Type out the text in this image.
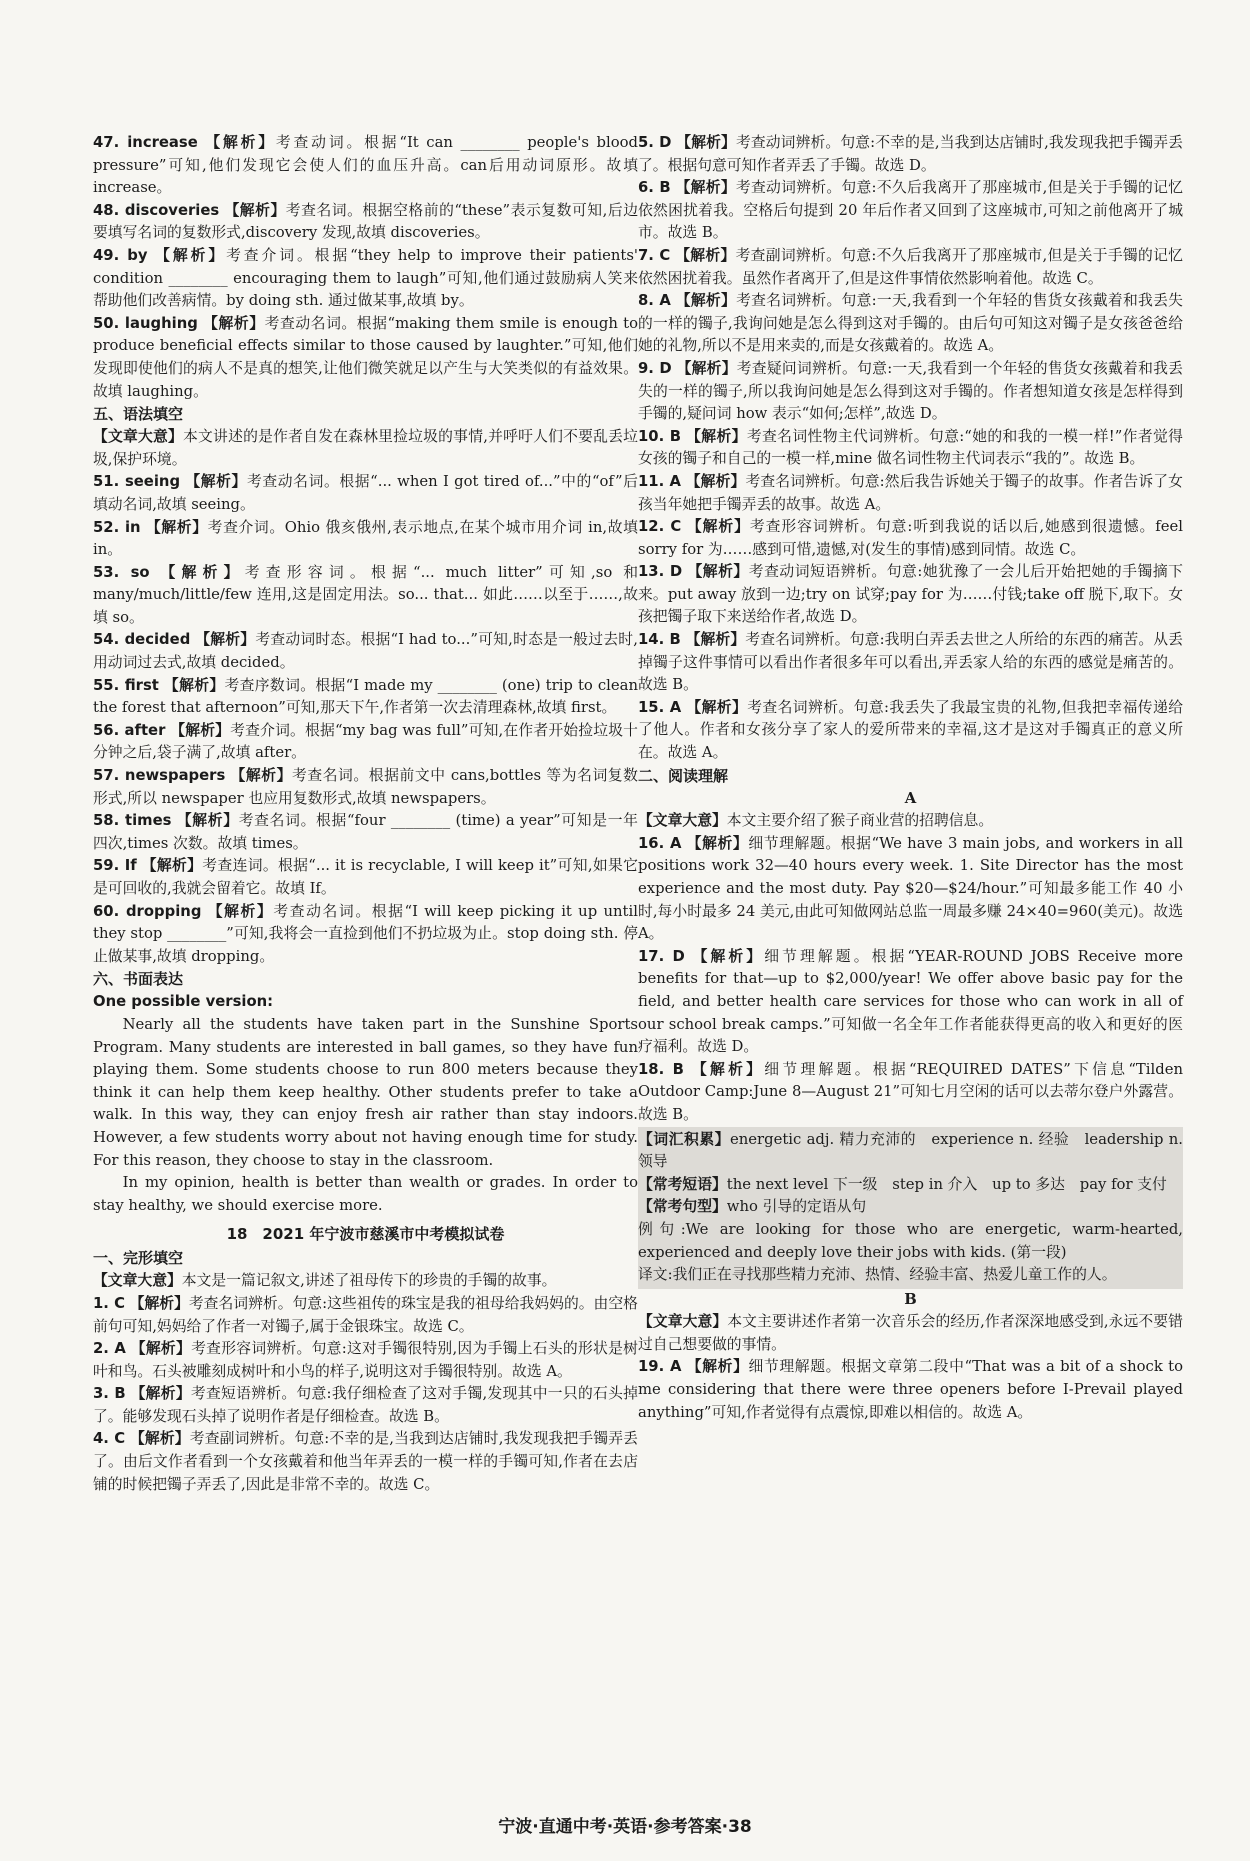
47. increase 【解析】考查动词。根据“It can ________ people's blood pressure”可知,他们发现它会使人们的血压升高。can后用动词原形。故填 increase。

48. discoveries 【解析】考查名词。根据空格前的“these”表示复数可知,后边要填写名词的复数形式,discovery 发现,故填 discoveries。

49. by 【解析】考查介词。根据“they help to improve their patients' condition ________ encouraging them to laugh”可知,他们通过鼓励病人笑来帮助他们改善病情。by doing sth. 通过做某事,故填 by。

50. laughing 【解析】考查动名词。根据“making them smile is enough to produce beneficial effects similar to those caused by laughter.”可知,他们发现即使他们的病人不是真的想笑,让他们微笑就足以产生与大笑类似的有益效果。故填 laughing。

五、语法填空

【文章大意】本文讲述的是作者自发在森林里捡垃圾的事情,并呼吁人们不要乱丢垃圾,保护环境。

51. seeing 【解析】考查动名词。根据“... when I got tired of...”中的“of”后填动名词,故填 seeing。

52. in 【解析】考查介词。Ohio 俄亥俄州,表示地点,在某个城市用介词 in,故填 in。

53. so 【解析】考查形容词。根据“... much litter”可知,so 和 many/much/little/few 连用,这是固定用法。so... that... 如此……以至于……,故填 so。

54. decided 【解析】考查动词时态。根据“I had to...”可知,时态是一般过去时,用动词过去式,故填 decided。

55. first 【解析】考查序数词。根据“I made my ________ (one) trip to clean the forest that afternoon”可知,那天下午,作者第一次去清理森林,故填 first。

56. after 【解析】考查介词。根据“my bag was full”可知,在作者开始捡垃圾十分钟之后,袋子满了,故填 after。

57. newspapers 【解析】考查名词。根据前文中 cans,bottles 等为名词复数形式,所以 newspaper 也应用复数形式,故填 newspapers。

58. times 【解析】考查名词。根据“four ________ (time) a year”可知是一年四次,times 次数。故填 times。

59. If 【解析】考查连词。根据“... it is recyclable, I will keep it”可知,如果它是可回收的,我就会留着它。故填 If。

60. dropping 【解析】考查动名词。根据“I will keep picking it up until they stop ________”可知,我将会一直捡到他们不扔垃圾为止。stop doing sth. 停止做某事,故填 dropping。

六、书面表达

One possible version:

Nearly all the students have taken part in the Sunshine Sports Program. Many students are interested in ball games, so they have fun playing them. Some students choose to run 800 meters because they think it can help them keep healthy. Other students prefer to take a walk. In this way, they can enjoy fresh air rather than stay indoors. However, a few students worry about not having enough time for study. For this reason, they choose to stay in the classroom.

In my opinion, health is better than wealth or grades. In order to stay healthy, we should exercise more.

18　2021 年宁波市慈溪市中考模拟试卷

一、完形填空

【文章大意】本文是一篇记叙文,讲述了祖母传下的珍贵的手镯的故事。

1. C 【解析】考查名词辨析。句意:这些祖传的珠宝是我的祖母给我妈妈的。由空格前句可知,妈妈给了作者一对镯子,属于金银珠宝。故选 C。

2. A 【解析】考查形容词辨析。句意:这对手镯很特别,因为手镯上石头的形状是树叶和鸟。石头被雕刻成树叶和小鸟的样子,说明这对手镯很特别。故选 A。

3. B 【解析】考查短语辨析。句意:我仔细检查了这对手镯,发现其中一只的石头掉了。能够发现石头掉了说明作者是仔细检查。故选 B。

4. C 【解析】考查副词辨析。句意:不幸的是,当我到达店铺时,我发现我把手镯弄丢了。由后文作者看到一个女孩戴着和他当年弄丢的一模一样的手镯可知,作者在去店铺的时候把镯子弄丢了,因此是非常不幸的。故选 C。

5. D 【解析】考查动词辨析。句意:不幸的是,当我到达店铺时,我发现我把手镯弄丢了。根据句意可知作者弄丢了手镯。故选 D。

6. B 【解析】考查动词辨析。句意:不久后我离开了那座城市,但是关于手镯的记忆依然困扰着我。空格后句提到 20 年后作者又回到了这座城市,可知之前他离开了城市。故选 B。

7. C 【解析】考查副词辨析。句意:不久后我离开了那座城市,但是关于手镯的记忆依然困扰着我。虽然作者离开了,但是这件事情依然影响着他。故选 C。

8. A 【解析】考查名词辨析。句意:一天,我看到一个年轻的售货女孩戴着和我丢失的一样的镯子,我询问她是怎么得到这对手镯的。由后句可知这对镯子是女孩爸爸给她的礼物,所以不是用来卖的,而是女孩戴着的。故选 A。

9. D 【解析】考查疑问词辨析。句意:一天,我看到一个年轻的售货女孩戴着和我丢失的一样的镯子,所以我询问她是怎么得到这对手镯的。作者想知道女孩是怎样得到手镯的,疑问词 how 表示“如何;怎样”,故选 D。

10. B 【解析】考查名词性物主代词辨析。句意:“她的和我的一模一样!”作者觉得女孩的镯子和自己的一模一样,mine 做名词性物主代词表示“我的”。故选 B。

11. A 【解析】考查名词辨析。句意:然后我告诉她关于镯子的故事。作者告诉了女孩当年她把手镯弄丢的故事。故选 A。

12. C 【解析】考查形容词辨析。句意:听到我说的话以后,她感到很遗憾。feel sorry for 为……感到可惜,遗憾,对(发生的事情)感到同情。故选 C。

13. D 【解析】考查动词短语辨析。句意:她犹豫了一会儿后开始把她的手镯摘下来。put away 放到一边;try on 试穿;pay for 为……付钱;take off 脱下,取下。女孩把镯子取下来送给作者,故选 D。

14. B 【解析】考查名词辨析。句意:我明白弄丢去世之人所给的东西的痛苦。从丢掉镯子这件事情可以看出作者很多年可以看出,弄丢家人给的东西的感觉是痛苦的。故选 B。

15. A 【解析】考查名词辨析。句意:我丢失了我最宝贵的礼物,但我把幸福传递给了他人。作者和女孩分享了家人的爱所带来的幸福,这才是这对手镯真正的意义所在。故选 A。

二、阅读理解

A

【文章大意】本文主要介绍了猴子商业营的招聘信息。

16. A 【解析】细节理解题。根据“We have 3 main jobs, and workers in all positions work 32—40 hours every week. 1. Site Director has the most experience and the most duty. Pay $20—$24/hour.”可知最多能工作 40 小时,每小时最多 24 美元,由此可知做网站总监一周最多赚 24×40=960(美元)。故选 A。

17. D 【解析】细节理解题。根据“YEAR-ROUND JOBS Receive more benefits for that—up to $2,000/year! We offer above basic pay for the field, and better health care services for those who can work in all of our school break camps.”可知做一名全年工作者能获得更高的收入和更好的医疗福利。故选 D。

18. B 【解析】细节理解题。根据“REQUIRED DATES”下信息“Tilden Outdoor Camp:June 8—August 21”可知七月空闲的话可以去蒂尔登户外露营。故选 B。

【词汇积累】energetic adj. 精力充沛的　experience n. 经验　leadership n. 领导

【常考短语】the next level 下一级　step in 介入　up to 多达　pay for 支付

【常考句型】who 引导的定语从句

例句:We are looking for those who are energetic, warm-hearted, experienced and deeply love their jobs with kids. (第一段)

译文:我们正在寻找那些精力充沛、热情、经验丰富、热爱儿童工作的人。

B

【文章大意】本文主要讲述作者第一次音乐会的经历,作者深深地感受到,永远不要错过自己想要做的事情。

19. A 【解析】细节理解题。根据文章第二段中“That was a bit of a shock to me considering that there were three openers before I-Prevail played anything”可知,作者觉得有点震惊,即难以相信的。故选 A。

宁波·直通中考·英语·参考答案·38
